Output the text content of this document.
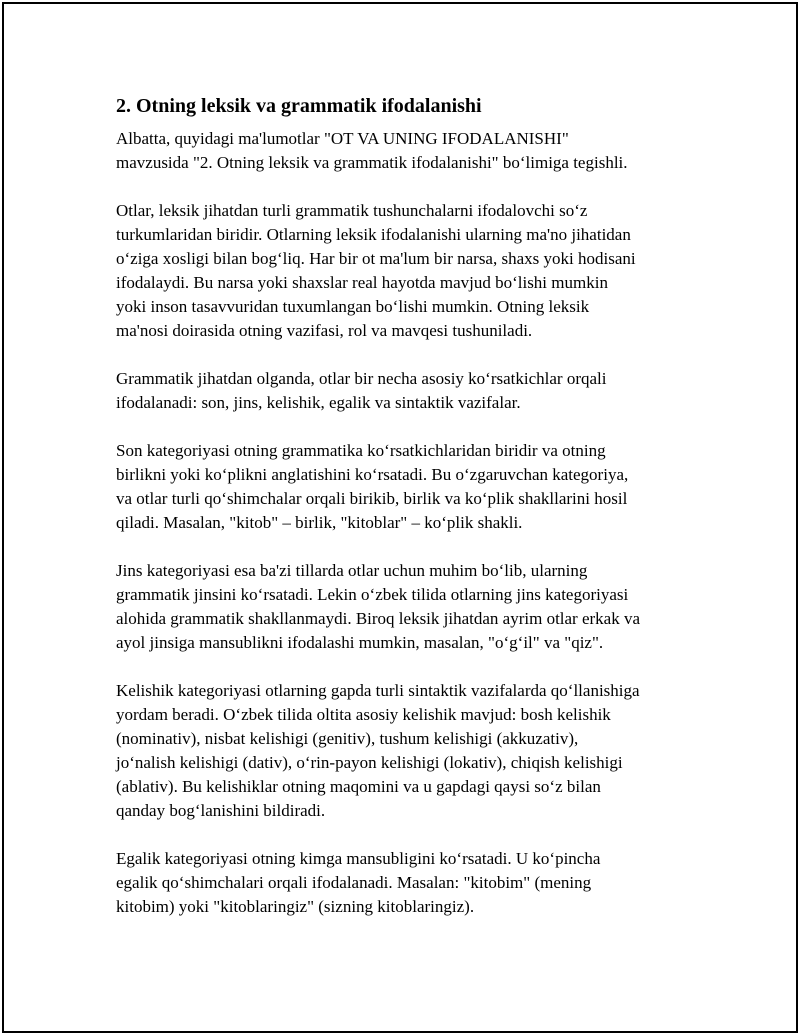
2. Otning leksik va grammatik ifodalanishi

Albatta, quyidagi ma'lumotlar "OT VA UNING IFODALANISHI"
mavzusida "2. Otning leksik va grammatik ifodalanishi" bo‘limiga tegishli.

Otlar, leksik jihatdan turli grammatik tushunchalarni ifodalovchi so‘z
turkumlaridan biridir. Otlarning leksik ifodalanishi ularning ma'no jihatidan
o‘ziga xosligi bilan bog‘liq. Har bir ot ma'lum bir narsa, shaxs yoki hodisani
ifodalaydi. Bu narsa yoki shaxslar real hayotda mavjud bo‘lishi mumkin
yoki inson tasavvuridan tuxumlangan bo‘lishi mumkin. Otning leksik
ma'nosi doirasida otning vazifasi, rol va mavqesi tushuniladi.

Grammatik jihatdan olganda, otlar bir necha asosiy ko‘rsatkichlar orqali
ifodalanadi: son, jins, kelishik, egalik va sintaktik vazifalar.

Son kategoriyasi otning grammatika ko‘rsatkichlaridan biridir va otning
birlikni yoki ko‘plikni anglatishini ko‘rsatadi. Bu o‘zgaruvchan kategoriya,
va otlar turli qo‘shimchalar orqali birikib, birlik va ko‘plik shakllarini hosil
qiladi. Masalan, "kitob" – birlik, "kitoblar" – ko‘plik shakli.

Jins kategoriyasi esa ba'zi tillarda otlar uchun muhim bo‘lib, ularning
grammatik jinsini ko‘rsatadi. Lekin o‘zbek tilida otlarning jins kategoriyasi
alohida grammatik shakllanmaydi. Biroq leksik jihatdan ayrim otlar erkak va
ayol jinsiga mansublikni ifodalashi mumkin, masalan, "o‘g‘il" va "qiz".

Kelishik kategoriyasi otlarning gapda turli sintaktik vazifalarda qo‘llanishiga
yordam beradi. O‘zbek tilida oltita asosiy kelishik mavjud: bosh kelishik
(nominativ), nisbat kelishigi (genitiv), tushum kelishigi (akkuzativ),
jo‘nalish kelishigi (dativ), o‘rin-payon kelishigi (lokativ), chiqish kelishigi
(ablativ). Bu kelishiklar otning maqomini va u gapdagi qaysi so‘z bilan
qanday bog‘lanishini bildiradi.

Egalik kategoriyasi otning kimga mansubligini ko‘rsatadi. U ko‘pincha
egalik qo‘shimchalari orqali ifodalanadi. Masalan: "kitobim" (mening
kitobim) yoki "kitoblaringiz" (sizning kitoblaringiz).
